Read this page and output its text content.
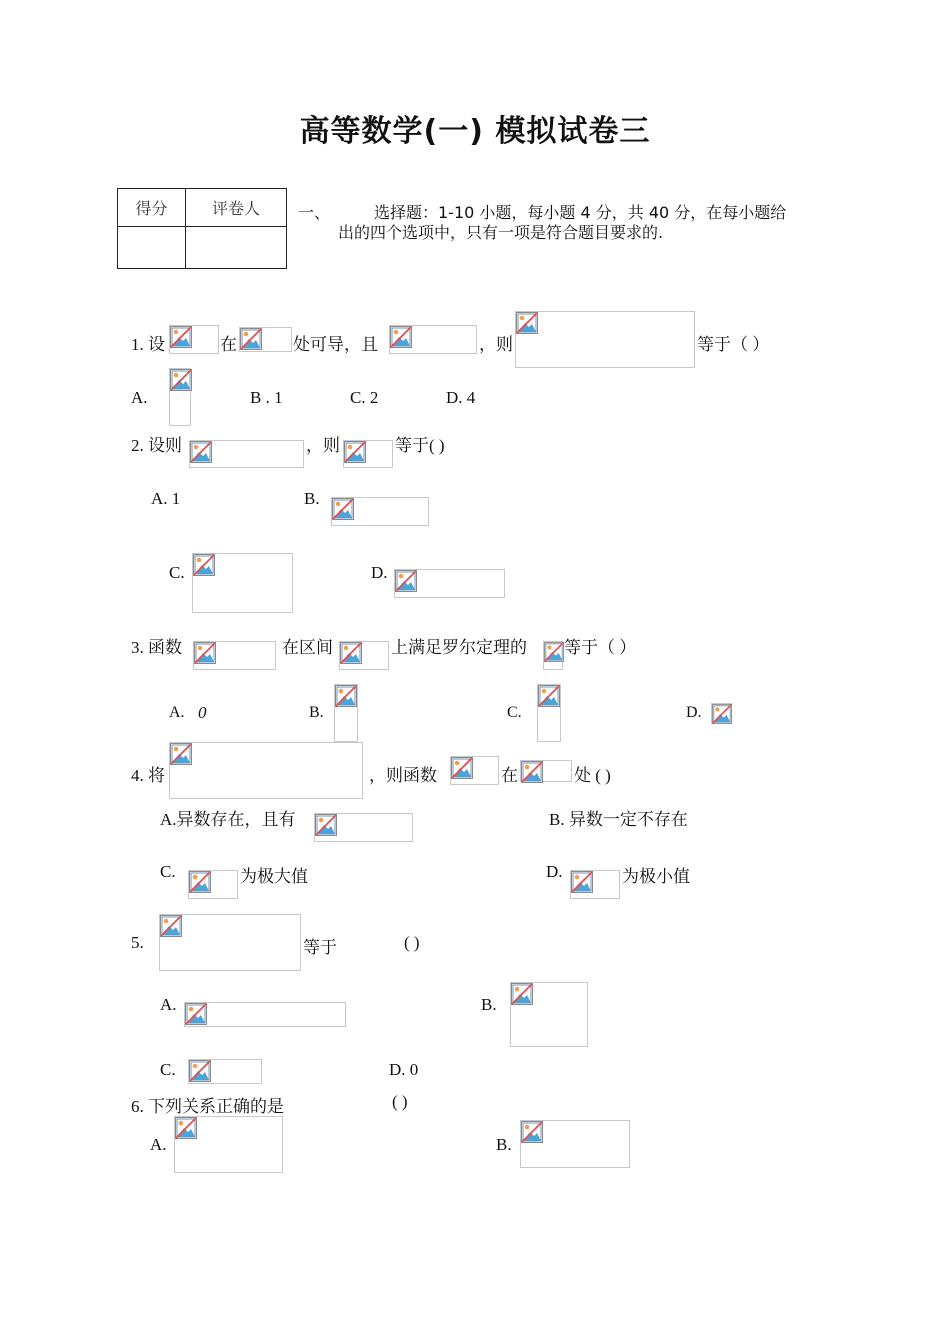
高等数学(一) 模拟试卷三
得分	评卷人
	一、	选择题：1-10 小题，每小题 4 分，共 40 分，在每小题给
出的四个选项中，只有一项是符合题目要求的.
1. 设	在	处可导，且	，则	等于（ ）
A.	B . 1	C. 2	D. 4
2. 设则	，则	等于( )
A. 1	B.
C.	D.
3. 函数	在区间	上满足罗尔定理的 等于（ ）
A. 0	B.	C.	D.
4. 将	，则函数	在	处 ( )
A.异数存在，且有	B. 异数一定不存在
C.	为极大值	D.	为极小值
5.	等于	( )
A.	B.
C.	D. 0
6. 下列关系正确的是	( )
A.	B.
